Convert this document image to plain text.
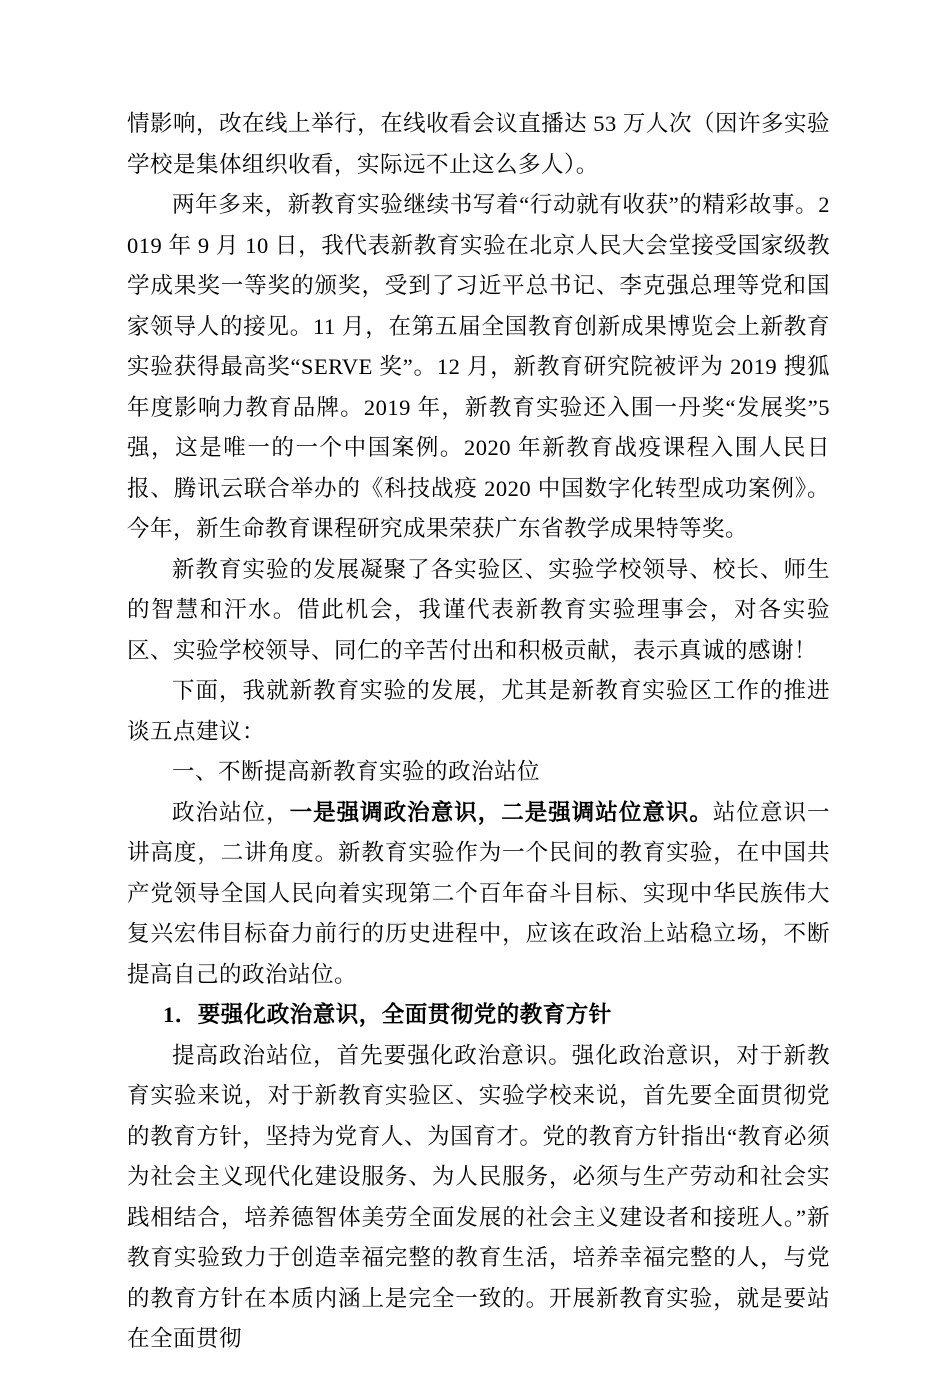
情影响，改在线上举行，在线收看会议直播达 53 万人次（因许多实验学校是集体组织收看，实际远不止这么多人）。

两年多来，新教育实验继续书写着“行动就有收获”的精彩故事。2019 年 9 月 10 日，我代表新教育实验在北京人民大会堂接受国家级教学成果奖一等奖的颁奖，受到了习近平总书记、李克强总理等党和国家领导人的接见。11 月，在第五届全国教育创新成果博览会上新教育实验获得最高奖“SERVE 奖”。12 月，新教育研究院被评为 2019 搜狐年度影响力教育品牌。2019 年，新教育实验还入围一丹奖“发展奖”5 强，这是唯一的一个中国案例。2020 年新教育战疫课程入围人民日报、腾讯云联合举办的《科技战疫 2020 中国数字化转型成功案例》。今年，新生命教育课程研究成果荣获广东省教学成果特等奖。

新教育实验的发展凝聚了各实验区、实验学校领导、校长、师生的智慧和汗水。借此机会，我谨代表新教育实验理事会，对各实验区、实验学校领导、同仁的辛苦付出和积极贡献，表示真诚的感谢！

下面，我就新教育实验的发展，尤其是新教育实验区工作的推进谈五点建议：

一、不断提高新教育实验的政治站位

政治站位，一是强调政治意识，二是强调站位意识。站位意识一讲高度，二讲角度。新教育实验作为一个民间的教育实验，在中国共产党领导全国人民向着实现第二个百年奋斗目标、实现中华民族伟大复兴宏伟目标奋力前行的历史进程中，应该在政治上站稳立场，不断提高自己的政治站位。

1．要强化政治意识，全面贯彻党的教育方针

提高政治站位，首先要强化政治意识。强化政治意识，对于新教育实验来说，对于新教育实验区、实验学校来说，首先要全面贯彻党的教育方针，坚持为党育人、为国育才。党的教育方针指出“教育必须为社会主义现代化建设服务、为人民服务，必须与生产劳动和社会实践相结合，培养德智体美劳全面发展的社会主义建设者和接班人。”新教育实验致力于创造幸福完整的教育生活，培养幸福完整的人，与党的教育方针在本质内涵上是完全一致的。开展新教育实验，就是要站在全面贯彻
